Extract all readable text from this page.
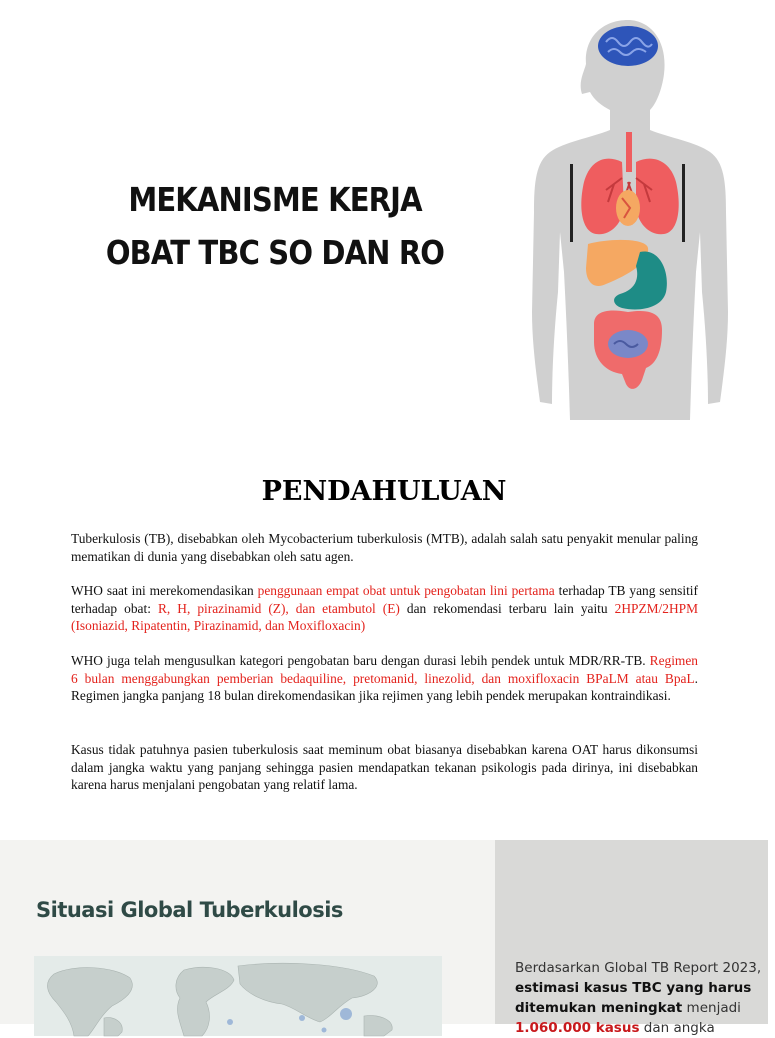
MEKANISME KERJA
OBAT TBC SO DAN RO
PENDAHULUAN

Tuberkulosis (TB), disebabkan oleh Mycobacterium tuberkulosis (MTB), adalah salah satu penyakit menular paling mematikan di dunia yang disebabkan oleh satu agen.

WHO saat ini merekomendasikan penggunaan empat obat untuk pengobatan lini pertama terhadap TB yang sensitif terhadap obat: R, H, pirazinamid (Z), dan etambutol (E) dan rekomendasi terbaru lain yaitu 2HPZM/2HPM (Isoniazid, Ripatentin, Pirazinamid, dan Moxifloxacin)

WHO juga telah mengusulkan kategori pengobatan baru dengan durasi lebih pendek untuk MDR/RR-TB. Regimen 6 bulan menggabungkan pemberian bedaquiline, pretomanid, linezolid, dan moxifloxacin BPaLM atau BpaL. Regimen jangka panjang 18 bulan direkomendasikan jika rejimen yang lebih pendek merupakan kontraindikasi.

Kasus tidak patuhnya pasien tuberkulosis saat meminum obat biasanya disebabkan karena OAT harus dikonsumsi dalam jangka waktu yang panjang sehingga pasien mendapatkan tekanan psikologis pada dirinya, ini disebabkan karena harus menjalani pengobatan yang relatif lama.

Situasi Global Tuberkulosis
Berdasarkan Global TB Report 2023,
estimasi kasus TBC yang harus
ditemukan meningkat menjadi
1.060.000 kasus dan angka
